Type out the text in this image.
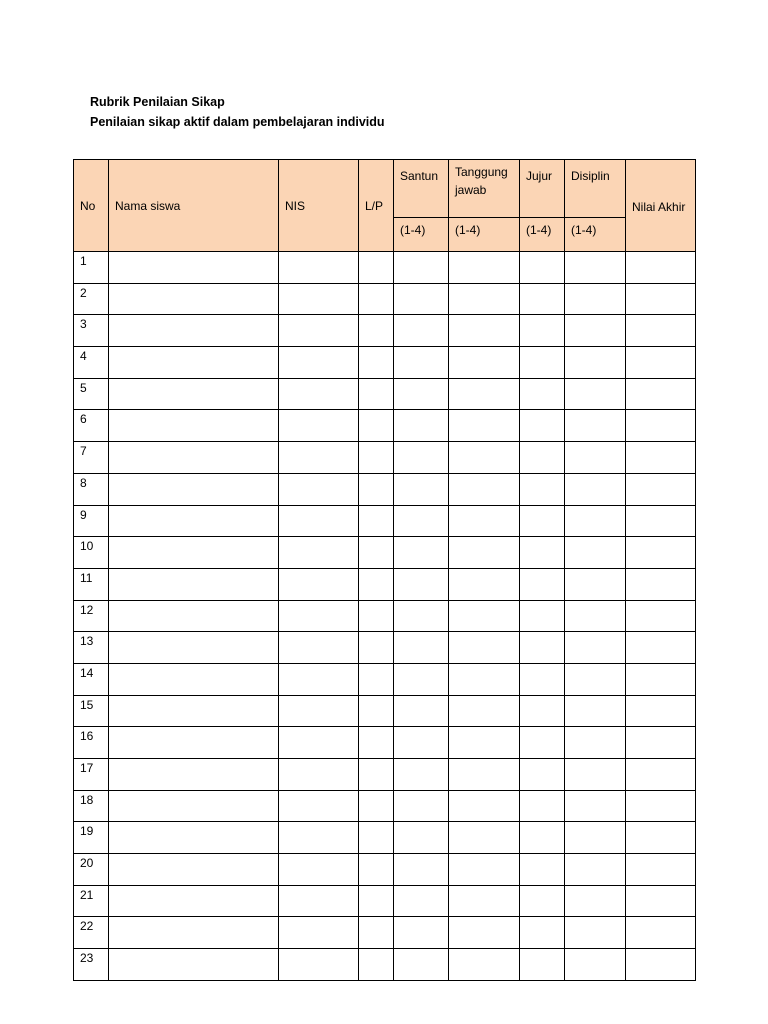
Rubrik Penilaian Sikap
Penilaian sikap aktif dalam pembelajaran individu
No	Nama siswa	NIS	L/P	Santun	Tanggung jawab	Jujur	Disiplin	Nilai Akhir
				(1-4)	(1-4)	(1-4)	(1-4)	
1								
2								
3								
4								
5								
6								
7								
8								
9								
10								
11								
12								
13								
14								
15								
16								
17								
18								
19								
20								
21								
22								
23								
